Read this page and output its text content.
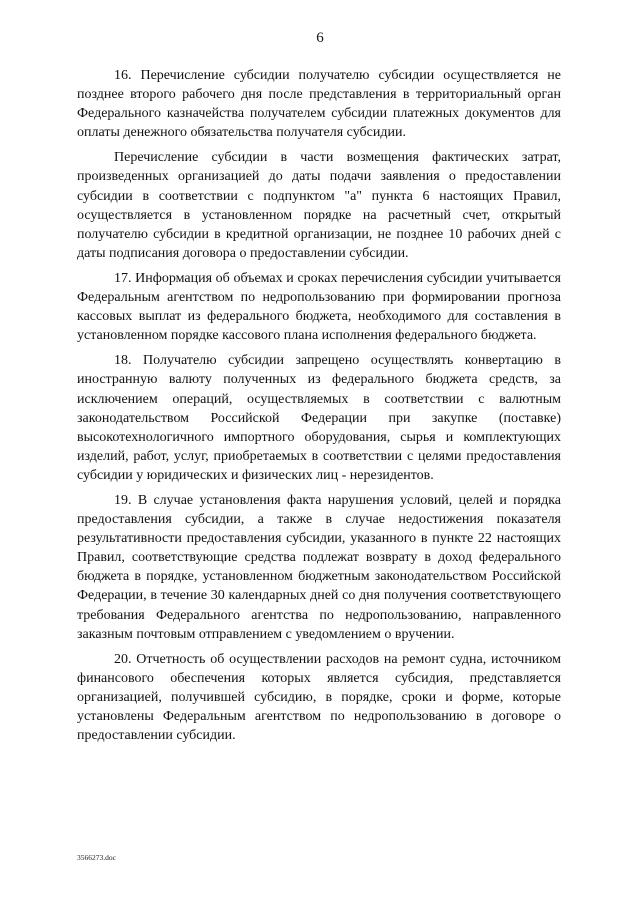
6

16. Перечисление субсидии получателю субсидии осуществляется не позднее второго рабочего дня после представления в территориальный орган Федерального казначейства получателем субсидии платежных документов для оплаты денежного обязательства получателя субсидии.

Перечисление субсидии в части возмещения фактических затрат, произведенных организацией до даты подачи заявления о предоставлении субсидии в соответствии с подпунктом "а" пункта 6 настоящих Правил, осуществляется в установленном порядке на расчетный счет, открытый получателю субсидии в кредитной организации, не позднее 10 рабочих дней с даты подписания договора о предоставлении субсидии.

17. Информация об объемах и сроках перечисления субсидии учитывается Федеральным агентством по недропользованию при формировании прогноза кассовых выплат из федерального бюджета, необходимого для составления в установленном порядке кассового плана исполнения федерального бюджета.

18. Получателю субсидии запрещено осуществлять конвертацию в иностранную валюту полученных из федерального бюджета средств, за исключением операций, осуществляемых в соответствии с валютным законодательством Российской Федерации при закупке (поставке) высокотехнологичного импортного оборудования, сырья и комплектующих изделий, работ, услуг, приобретаемых в соответствии с целями предоставления субсидии у юридических и физических лиц - нерезидентов.

19. В случае установления факта нарушения условий, целей и порядка предоставления субсидии, а также в случае недостижения показателя результативности предоставления субсидии, указанного в пункте 22 настоящих Правил, соответствующие средства подлежат возврату в доход федерального бюджета в порядке, установленном бюджетным законодательством Российской Федерации, в течение 30 календарных дней со дня получения соответствующего требования Федерального агентства по недропользованию, направленного заказным почтовым отправлением с уведомлением о вручении.

20. Отчетность об осуществлении расходов на ремонт судна, источником финансового обеспечения которых является субсидия, представляется организацией, получившей субсидию, в порядке, сроки и форме, которые установлены Федеральным агентством по недропользованию в договоре о предоставлении субсидии.

3566273.doc
